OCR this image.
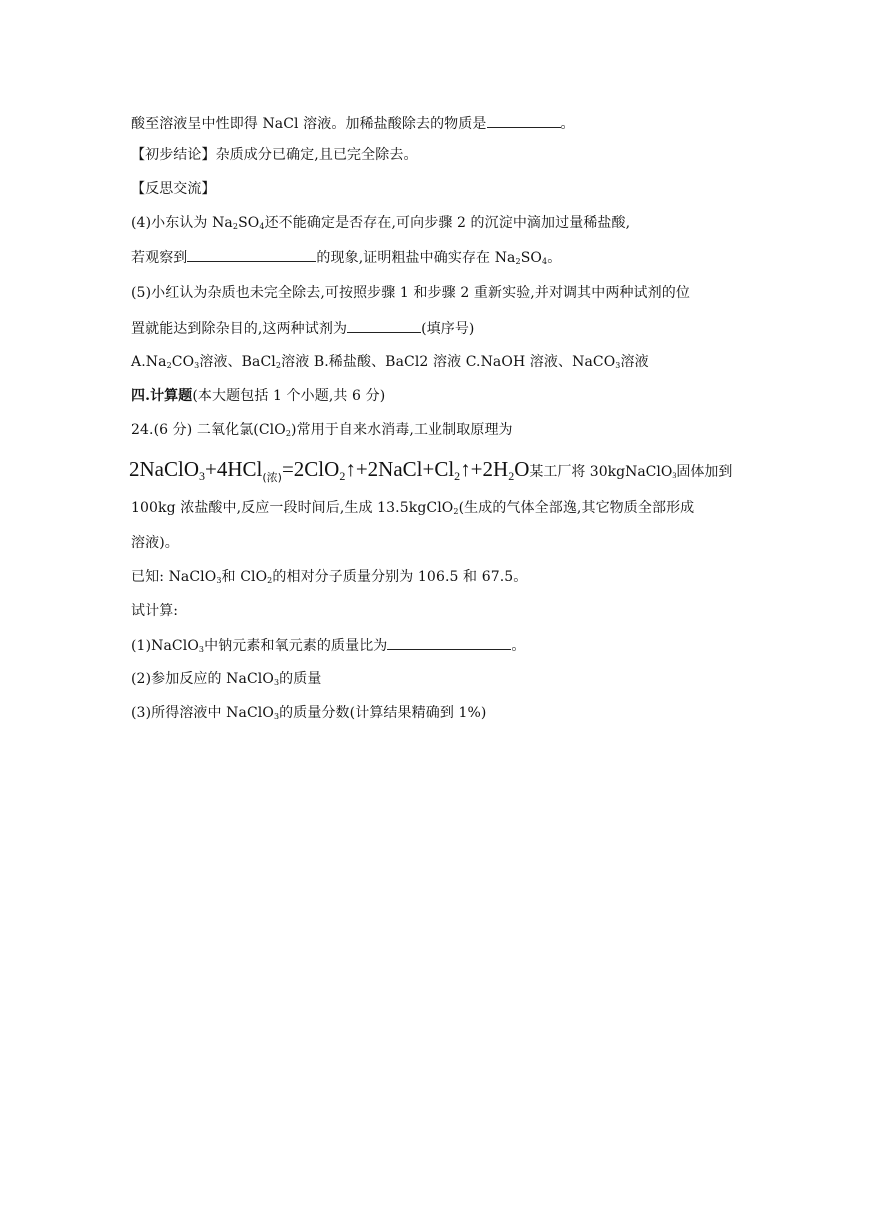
酸至溶液呈中性即得 NaCl 溶液。加稀盐酸除去的物质是	。
【初步结论】杂质成分已确定,且已完全除去。
【反思交流】
(4)小东认为 $Na_2SO_4$还不能确定是否存在,可向步骤 2 的沉淀中滴加过量稀盐酸,
若观察到	的现象,证明粗盐中确实存在 $Na_2SO_4$。
(5)小红认为杂质也未完全除去,可按照步骤 1 和步骤 2 重新实验,并对调其中两种试剂的位
置就能达到除杂目的,这两种试剂为	(填序号)
$A.Na_2CO_3$溶液、BaCl$_2$溶液 B.稀盐酸、BaCl2 溶液 C.NaOH 溶液、NaCO$_3$溶液
四.计算题(本大题包括 1 个小题,共 6 分)
24.(6 分) 二氧化氯(ClO$_2$)常用于自来水消毒,工业制取原理为
$2NaClO_3+4HCl_{(浓)}=2ClO_2↑+2NaCl+Cl_2↑+2H_2O$某工厂将 30kgNaClO$_3$固体加到
100kg 浓盐酸中,反应一段时间后,生成 13.5kgClO$_2$(生成的气体全部逸,其它物质全部形成
溶液)。
已知: NaClO$_3$和 ClO$_2$的相对分子质量分别为 106.5 和 67.5。
试计算:
(1)NaClO$_3$中钠元素和氧元素的质量比为	。
(2)参加反应的 NaClO$_3$的质量
(3)所得溶液中 NaClO$_3$的质量分数(计算结果精确到 1%)
